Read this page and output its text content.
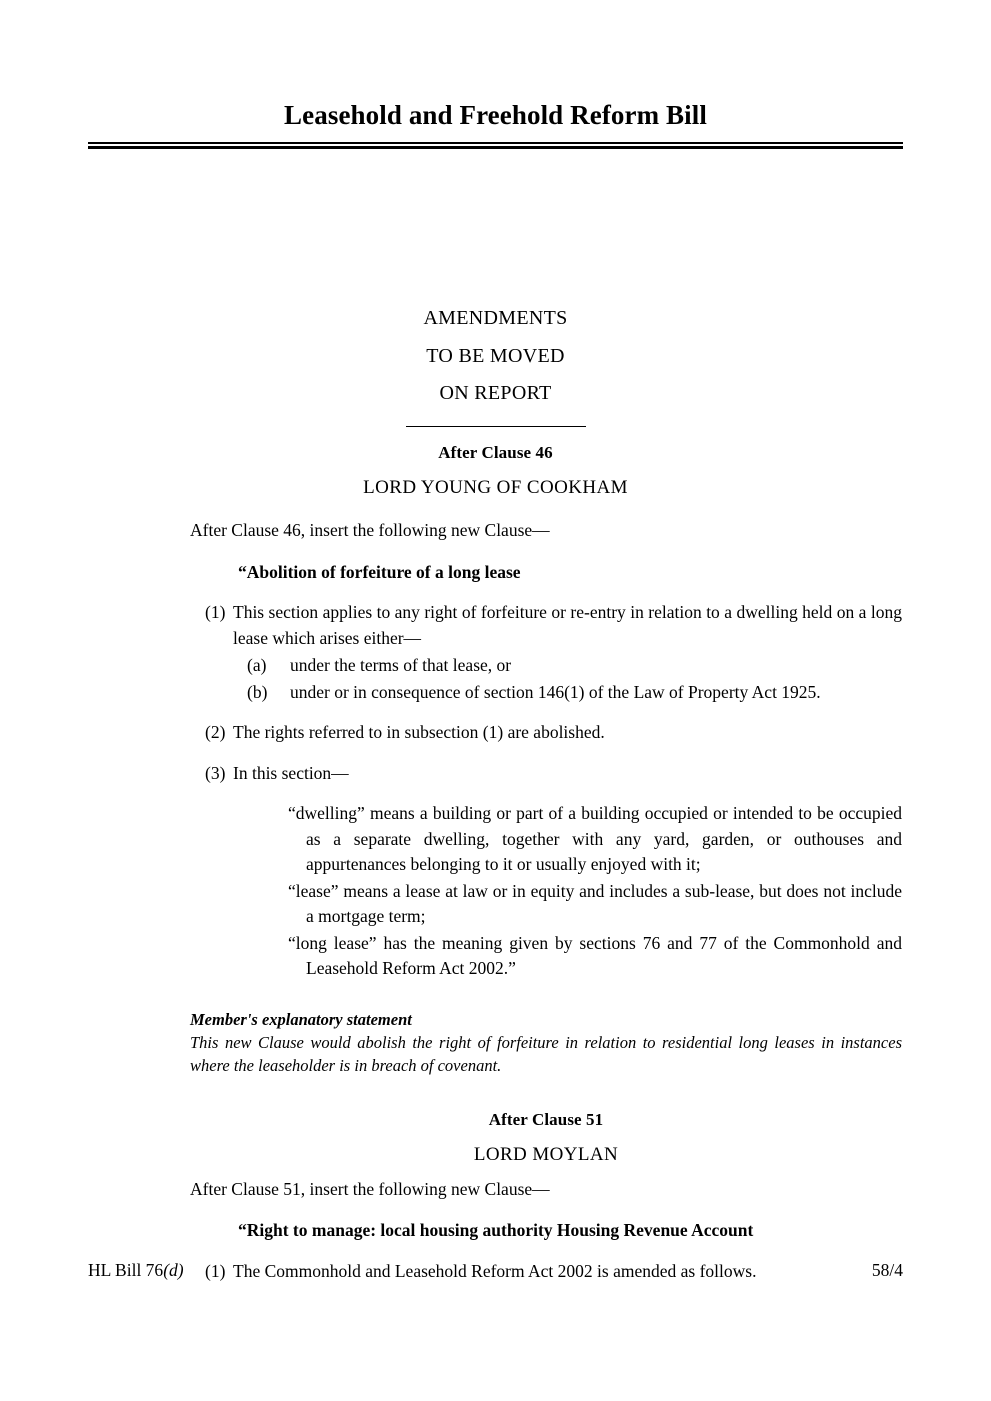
Leasehold and Freehold Reform Bill
AMENDMENTS
TO BE MOVED
ON REPORT
After Clause 46
LORD YOUNG OF COOKHAM
After Clause 46, insert the following new Clause—
“Abolition of forfeiture of a long lease
(1) This section applies to any right of forfeiture or re-entry in relation to a dwelling held on a long lease which arises either—
(a)	under the terms of that lease, or
(b)	under or in consequence of section 146(1) of the Law of Property Act 1925.
(2) The rights referred to in subsection (1) are abolished.
(3) In this section—
“dwelling” means a building or part of a building occupied or intended to be occupied as a separate dwelling, together with any yard, garden, or outhouses and appurtenances belonging to it or usually enjoyed with it;
“lease” means a lease at law or in equity and includes a sub-lease, but does not include a mortgage term;
“long lease” has the meaning given by sections 76 and 77 of the Commonhold and Leasehold Reform Act 2002.”
Member's explanatory statement
This new Clause would abolish the right of forfeiture in relation to residential long leases in instances where the leaseholder is in breach of covenant.
After Clause 51
LORD MOYLAN
After Clause 51, insert the following new Clause—
“Right to manage: local housing authority Housing Revenue Account
(1) The Commonhold and Leasehold Reform Act 2002 is amended as follows.
HL Bill 76(d)	58/4
